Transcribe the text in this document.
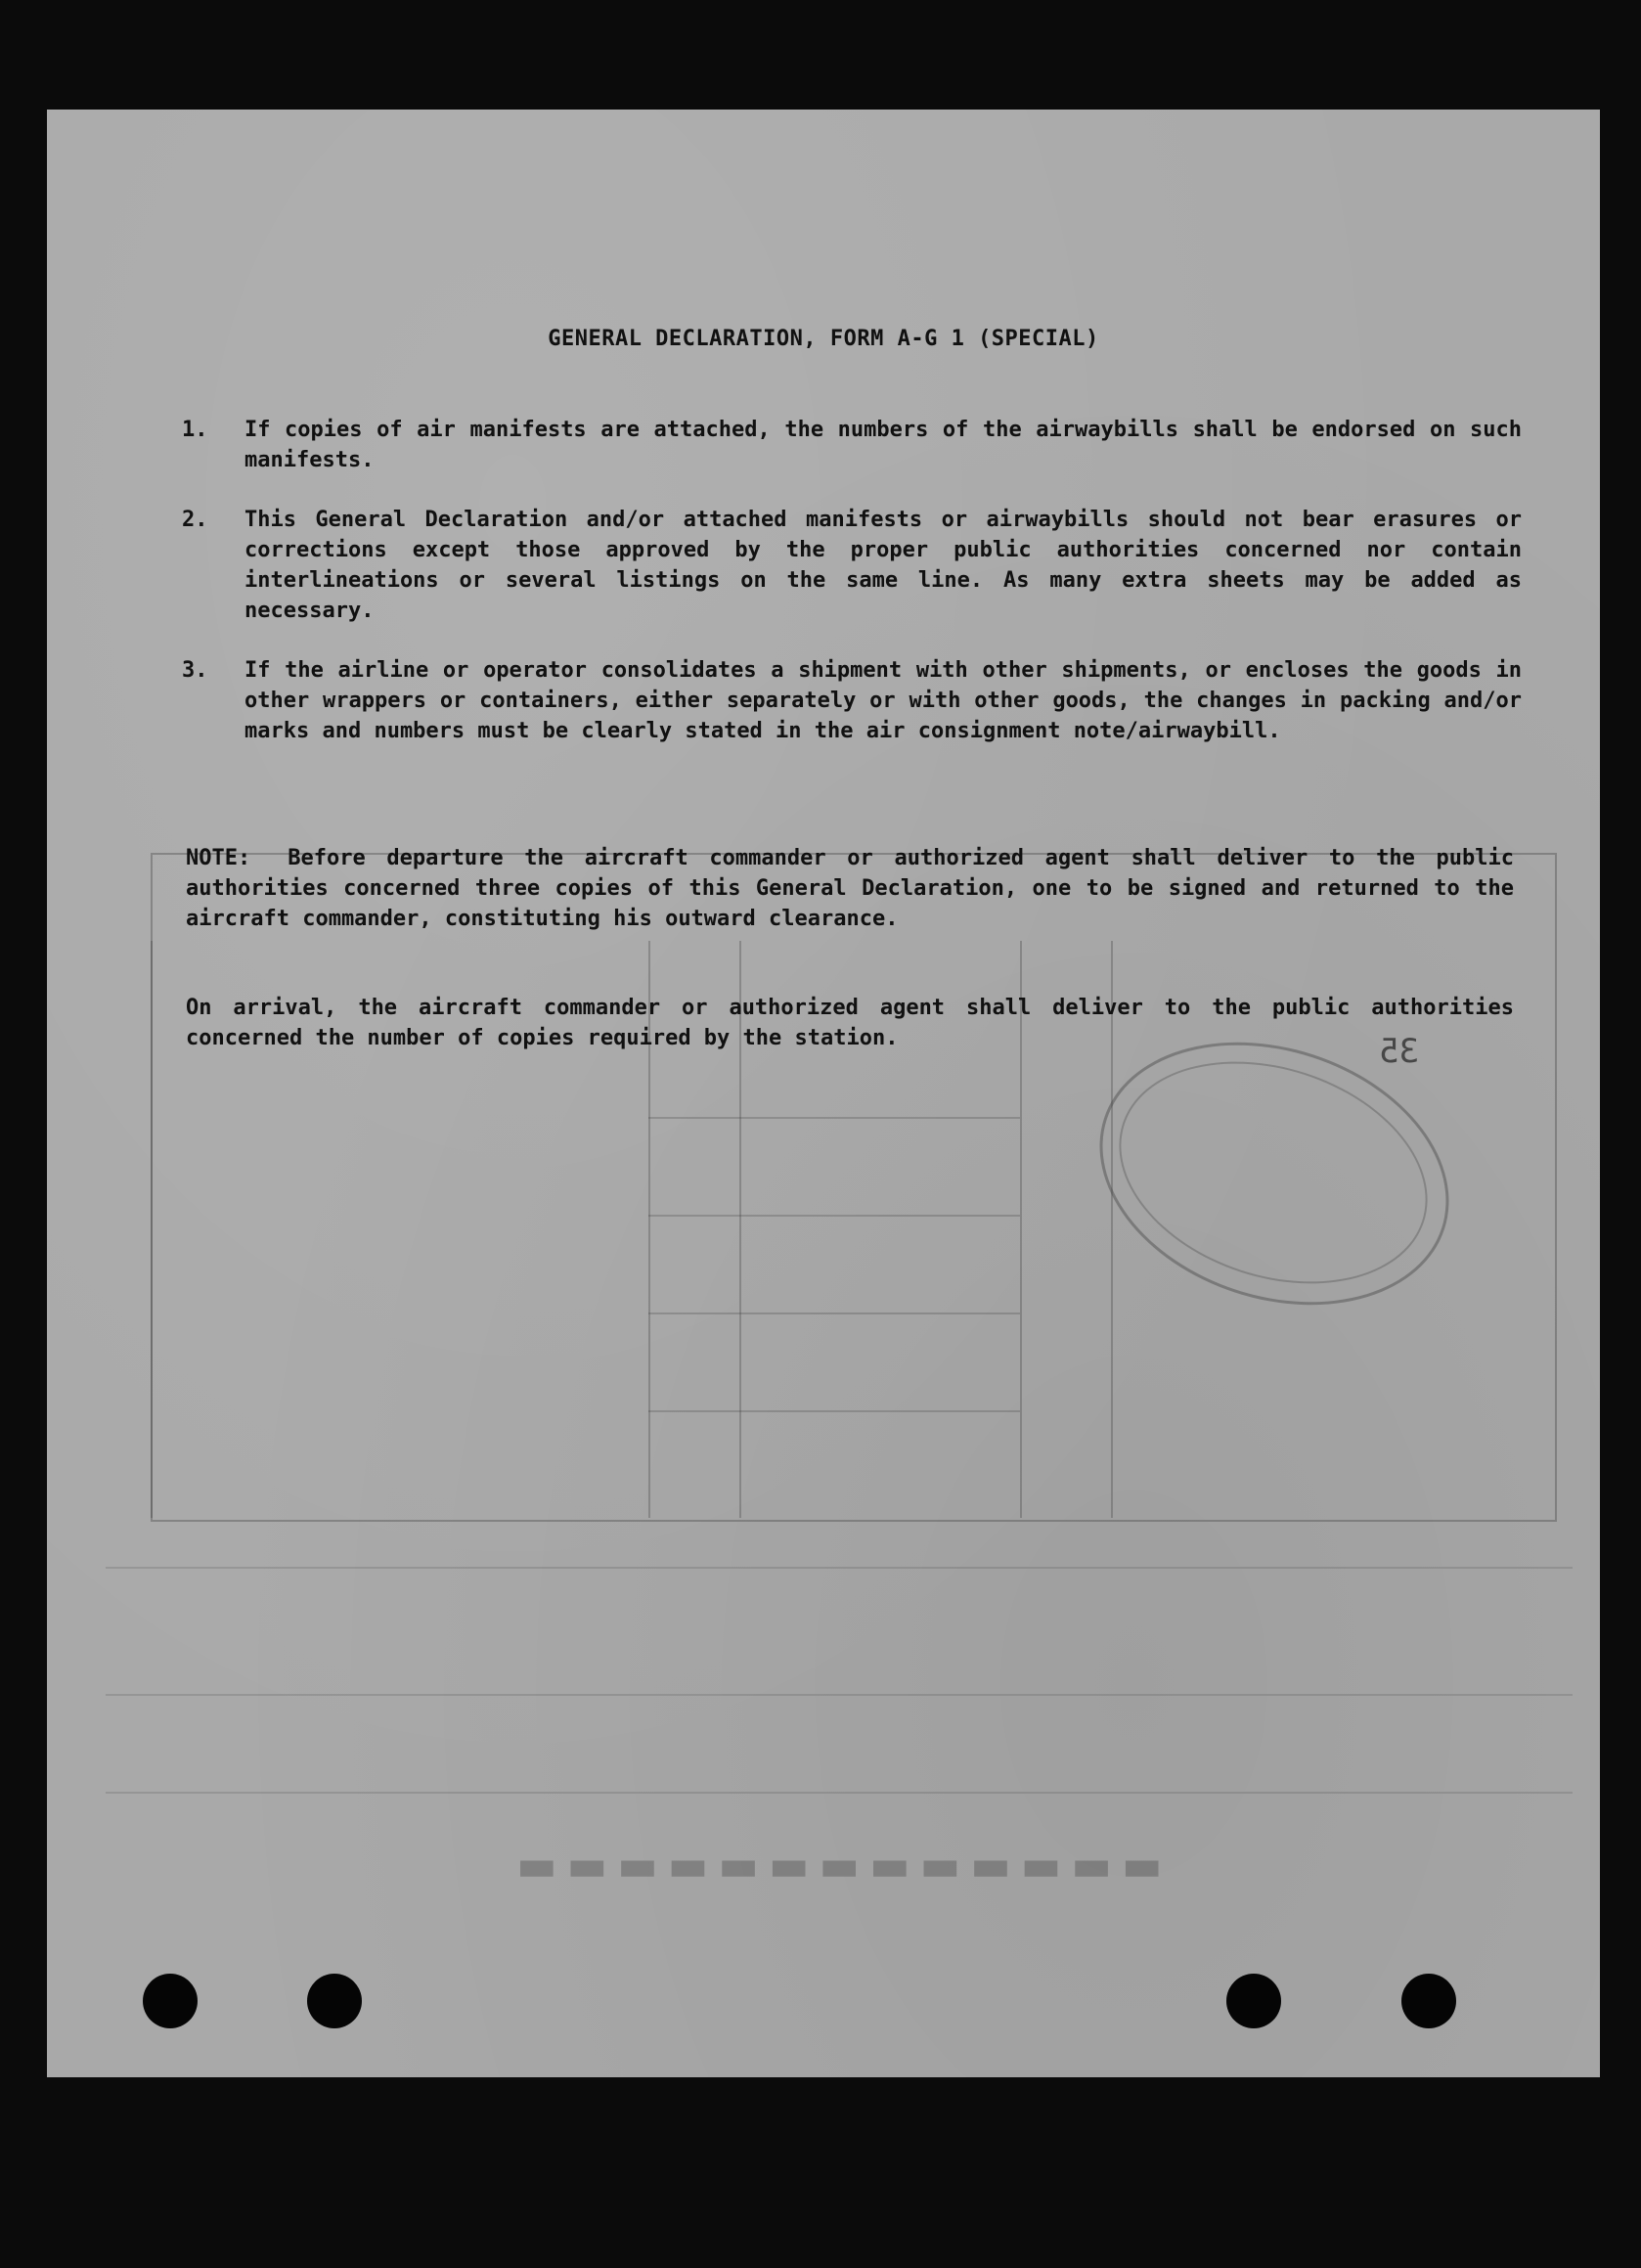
▬▬▬▬▬▬▬▬▬▬▬▬▬
GENERAL DECLARATION, FORM A-G 1 (SPECIAL)
1. If copies of air manifests are attached, the numbers of the airwaybills shall be endorsed on such manifests.
2. This General Declaration and/or attached manifests or airwaybills should not bear erasures or corrections except those approved by the proper public authorities concerned nor contain interlineations or several listings on the same line. As many extra sheets may be added as necessary.
3. If the airline or operator consolidates a shipment with other shipments, or encloses the goods in other wrappers or containers, either separately or with other goods, the changes in packing and/or marks and numbers must be clearly stated in the air consignment note/airwaybill.
NOTE: Before departure the aircraft commander or authorized agent shall deliver to the public authorities concerned three copies of this General Declaration, one to be signed and returned to the aircraft commander, constituting his outward clearance.
On arrival, the aircraft commander or authorized agent shall deliver to the public authorities concerned the number of copies required by the station.	35
